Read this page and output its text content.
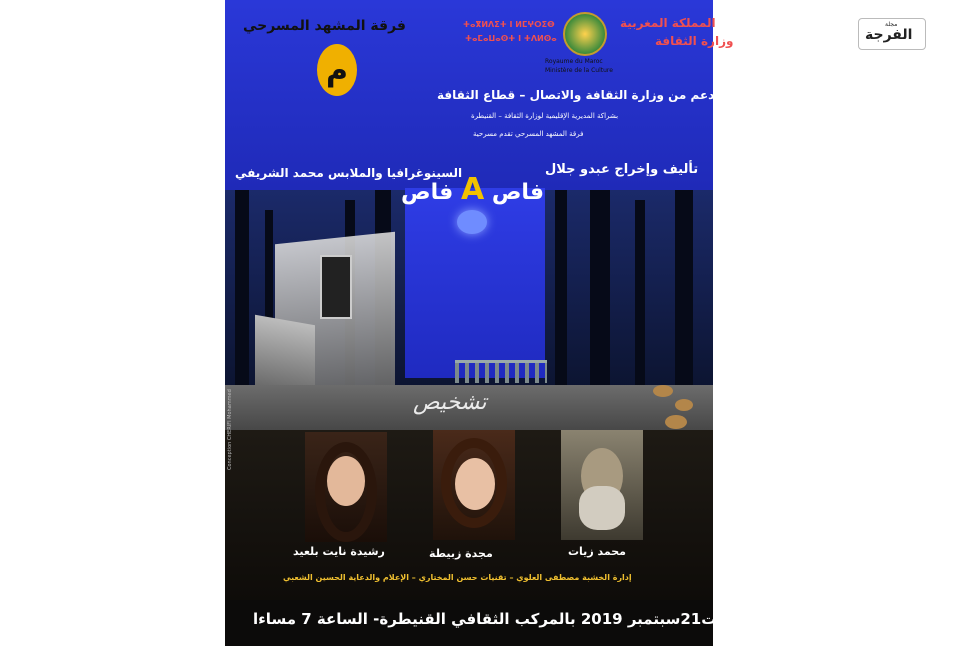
فرقة المشهد المسرحي
م
المملكة المغربية
وزارة الثقافة
ⵜⴰⴳⵍⴷⵉⵜ ⵏ ⵍⵎⵖⵔⵉⴱ
ⵜⴰⵎⴰⵡⴰⵙⵜ ⵏ ⵜⴷⵍⵙⴰ
Royaume du Maroc
Ministère de la Culture
بدعم من وزارة الثقافة والاتصال – قطاع الثقافة
بشراكة المديرية الإقليمية لوزارة الثقافة – القنيطرة
فرقة المشهد المسرحي تقدم مسرحية
تأليف وإخراج عبدو جلال
السينوغرافيا والملابس محمد الشريفي
فاص A فاص
تشخيص
رشيدة نايت بلعيد	مجدة زبيطة	محمد زيات
Conception CHERIFI Mohammed
إدارة الخشبة مصطفى العلوي – تقنيات حسن المختاري – الإعلام والدعاية الحسين الشعبي
السبت21سبتمبر 2019 بالمركب الثقافي القنيطرة- الساعة 7 مساءا
مجلة
الفرجة
